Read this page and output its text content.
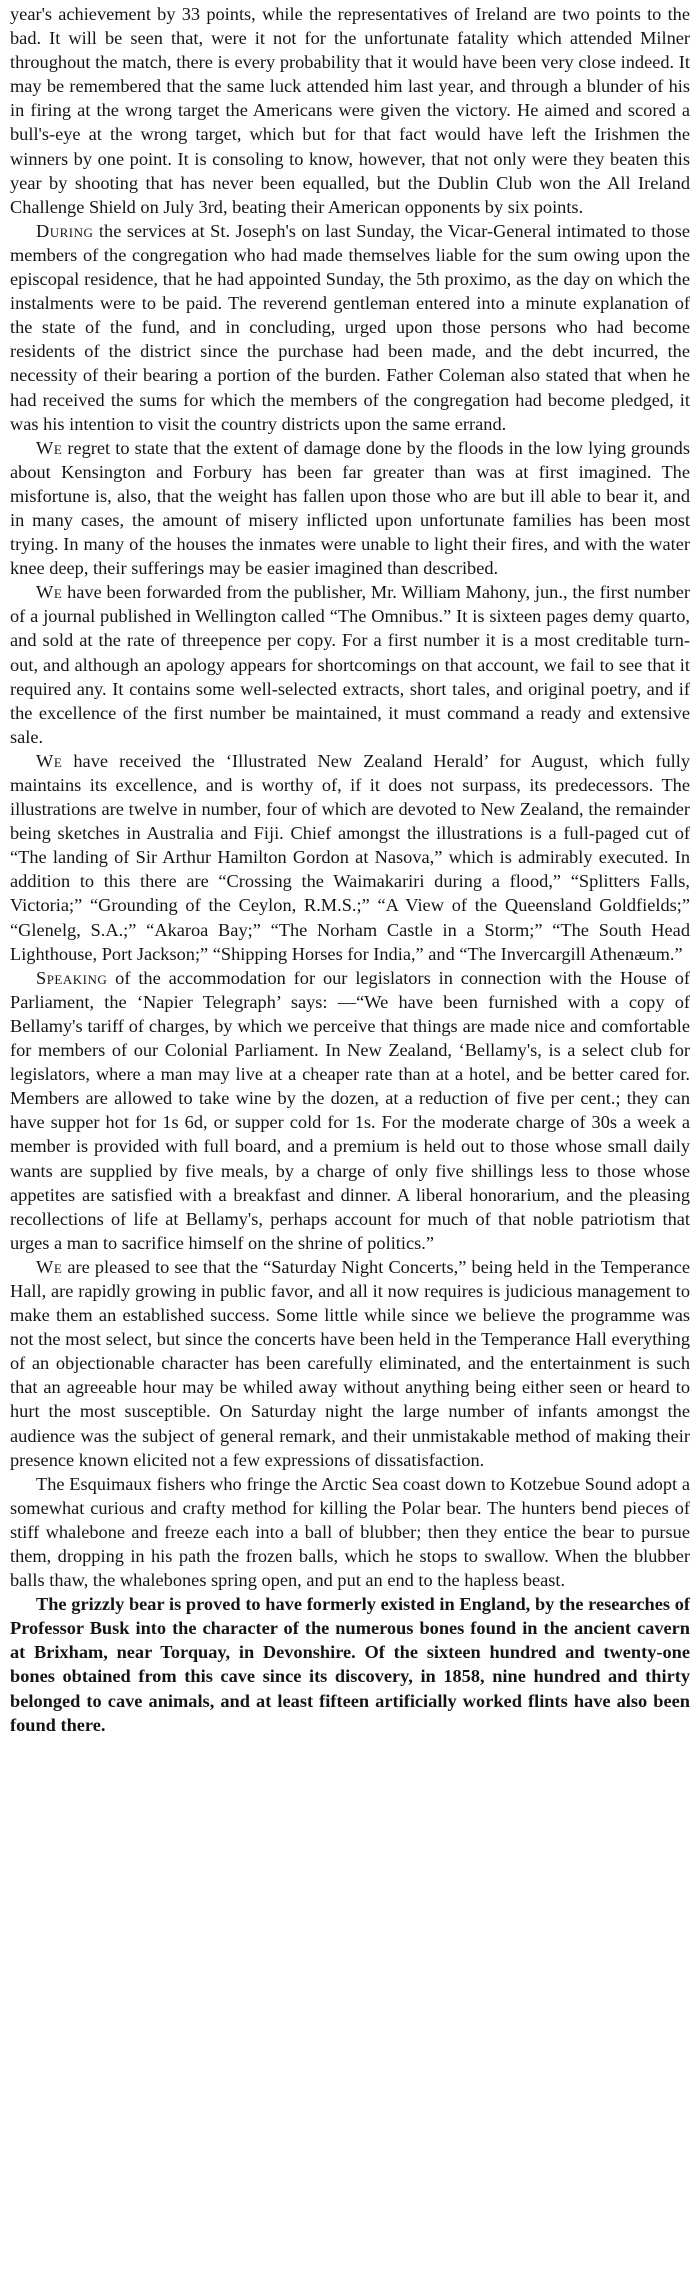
year's achievement by 33 points, while the representatives of Ireland are two points to the bad. It will be seen that, were it not for the unfortunate fatality which attended Milner throughout the match, there is every probability that it would have been very close indeed. It may be remembered that the same luck attended him last year, and through a blunder of his in firing at the wrong target the Americans were given the victory. He aimed and scored a bull's-eye at the wrong target, which but for that fact would have left the Irishmen the winners by one point. It is consoling to know, however, that not only were they beaten this year by shooting that has never been equalled, but the Dublin Club won the All Ireland Challenge Shield on July 3rd, beating their American opponents by six points.

During the services at St. Joseph's on last Sunday, the Vicar-General intimated to those members of the congregation who had made themselves liable for the sum owing upon the episcopal residence, that he had appointed Sunday, the 5th proximo, as the day on which the instalments were to be paid. The reverend gentleman entered into a minute explanation of the state of the fund, and in concluding, urged upon those persons who had become residents of the district since the purchase had been made, and the debt incurred, the necessity of their bearing a portion of the burden. Father Coleman also stated that when he had received the sums for which the members of the congregation had become pledged, it was his intention to visit the country districts upon the same errand.

We regret to state that the extent of damage done by the floods in the low lying grounds about Kensington and Forbury has been far greater than was at first imagined. The misfortune is, also, that the weight has fallen upon those who are but ill able to bear it, and in many cases, the amount of misery inflicted upon unfortunate families has been most trying. In many of the houses the inmates were unable to light their fires, and with the water knee deep, their sufferings may be easier imagined than described.

We have been forwarded from the publisher, Mr. William Mahony, jun., the first number of a journal published in Wellington called “The Omnibus.” It is sixteen pages demy quarto, and sold at the rate of threepence per copy. For a first number it is a most creditable turn-out, and although an apology appears for shortcomings on that account, we fail to see that it required any. It contains some well-selected extracts, short tales, and original poetry, and if the excellence of the first number be maintained, it must command a ready and extensive sale.

We have received the ‘Illustrated New Zealand Herald’ for August, which fully maintains its excellence, and is worthy of, if it does not surpass, its predecessors. The illustrations are twelve in number, four of which are devoted to New Zealand, the remainder being sketches in Australia and Fiji. Chief amongst the illustrations is a full-paged cut of “The landing of Sir Arthur Hamilton Gordon at Nasova,” which is admirably executed. In addition to this there are “Crossing the Waimakariri during a flood,” “Splitters Falls, Victoria;” “Grounding of the Ceylon, R.M.S.;” “A View of the Queensland Goldfields;” “Glenelg, S.A.;” “Akaroa Bay;” “The Norham Castle in a Storm;” “The South Head Lighthouse, Port Jackson;” “Shipping Horses for India,” and “The Invercargill Athenæum.”

Speaking of the accommodation for our legislators in connection with the House of Parliament, the ‘Napier Telegraph’ says: —“We have been furnished with a copy of Bellamy's tariff of charges, by which we perceive that things are made nice and comfortable for members of our Colonial Parliament. In New Zealand, ‘Bellamy's, is a select club for legislators, where a man may live at a cheaper rate than at a hotel, and be better cared for. Members are allowed to take wine by the dozen, at a reduction of five per cent.; they can have supper hot for 1s 6d, or supper cold for 1s. For the moderate charge of 30s a week a member is provided with full board, and a premium is held out to those whose small daily wants are supplied by five meals, by a charge of only five shillings less to those whose appetites are satisfied with a breakfast and dinner. A liberal honorarium, and the pleasing recollections of life at Bellamy's, perhaps account for much of that noble patriotism that urges a man to sacrifice himself on the shrine of politics.”

We are pleased to see that the “Saturday Night Concerts,” being held in the Temperance Hall, are rapidly growing in public favor, and all it now requires is judicious management to make them an established success. Some little while since we believe the programme was not the most select, but since the concerts have been held in the Temperance Hall everything of an objectionable character has been carefully eliminated, and the entertainment is such that an agreeable hour may be whiled away without anything being either seen or heard to hurt the most susceptible. On Saturday night the large number of infants amongst the audience was the subject of general remark, and their unmistakable method of making their presence known elicited not a few expressions of dissatisfaction.

The Esquimaux fishers who fringe the Arctic Sea coast down to Kotzebue Sound adopt a somewhat curious and crafty method for killing the Polar bear. The hunters bend pieces of stiff whalebone and freeze each into a ball of blubber; then they entice the bear to pursue them, dropping in his path the frozen balls, which he stops to swallow. When the blubber balls thaw, the whalebones spring open, and put an end to the hapless beast.

The grizzly bear is proved to have formerly existed in England, by the researches of Professor Busk into the character of the numerous bones found in the ancient cavern at Brixham, near Torquay, in Devonshire. Of the sixteen hundred and twenty-one bones obtained from this cave since its discovery, in 1858, nine hundred and thirty belonged to cave animals, and at least fifteen artificially worked flints have also been found there.
